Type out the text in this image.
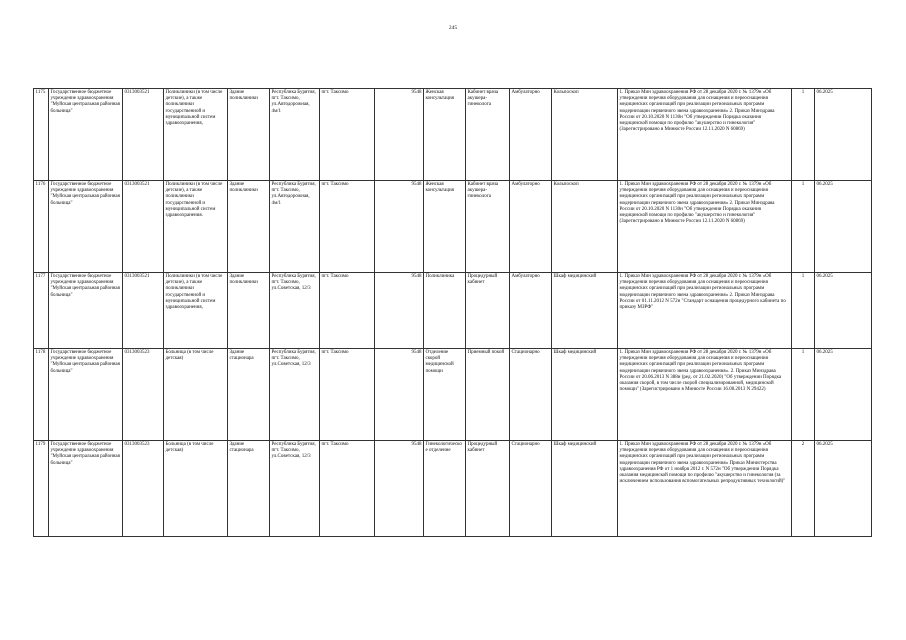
245
1175	Государственное бюджетное учреждение здравоохранения "Муйская центральная районная больница"	0313003521	Поликлиники (в том числе детские), а также поликлиники государственной и муниципальной систем здравоохранения,	Здание поликлиники	Республика Бурятия, пгт. Таксимо, ул.Автодорожная, 4м/1	пгт. Таксимо	9548	Женская консультация	Кабинет врача акушера-гинеколога	Амбулаторно	Кольпоскоп	1. Приказ Мин здравоохранения РФ от 28 декабря 2020 г. № 1379н «Об утверждении перечня оборудования для оснащения и переоснащения медицинских организаций при реализации региональных программ модернизации первичного звена здравоохранения» 2. Приказ Минздрава России от 20.10.2020 N 1130н "Об утверждении Порядка оказания медицинской помощи по профилю "акушерство и гинекология" (Зарегистрировано в Минюсте России 12.11.2020 N 60869)	1	06.2025
1176	Государственное бюджетное учреждение здравоохранения "Муйская центральная районная больница"	0313003521	Поликлиники (в том числе детские), а также поликлиники государственной и муниципальной систем здравоохранения.	Здание поликлиники	Республика Бурятия, пгт. Таксимо, ул.Автодорожная, 4м/1	пгт. Таксимо	9548	Женская консультация	Кабинет врача акушера-гинеколога	Амбулаторно	Кольпоскоп	1. Приказ Мин здравоохранения РФ от 28 декабря 2020 г. № 1379н «Об утверждении перечня оборудования для оснащения и переоснащения медицинских организаций при реализации региональных программ модернизации первичного звена здравоохранения» 2. Приказ Минздрава России от 20.10.2020 N 1130н "Об утверждении Порядка оказания медицинской помощи по профилю "акушерство и гинекология" (Зарегистрировано в Минюсте России 12.11.2020 N 60869)	1	06.2025
1177	Государственное бюджетное учреждение здравоохранения "Муйская центральная районная больница"	0313003521	Поликлиники (в том числе детские), а также поликлиники государственной и муниципальной систем здравоохранения,	Здание поликлиники	Республика Бурятия, пгт. Таксимо, ул.Советская, 12/3	пгт. Таксимо	9548	Поликлиника	Процедурный кабинет	Амбулаторно	Шкаф медицинский	1. Приказ Мин здравоохранения РФ от 28 декабря 2020 г. № 1379н «Об утверждении перечня оборудования для оснащения и переоснащения медицинских организаций при реализации региональных программ модернизации первичного звена здравоохранения» 2. Приказ Минздрава России от 01.11.2012 N 572н "Стандарт оснащения процедурного кабинета по приказу МЗРФ"	1	06.2025
1178	Государственное бюджетное учреждение здравоохранения "Муйская центральная районная больница"	0313003523	Больница (в том числе детская)	Здание стационара	Республика Бурятия, пгт. Таксимо, ул.Советская, 12/3	пгт. Таксимо	9548	Отделение скорой медицинской помощи	Приемный покой	Стационарно	Шкаф медицинский	1. Приказ Мин здравоохранения РФ от 28 декабря 2020 г. № 1379н «Об утверждении перечня оборудования для оснащения и переоснащения медицинских организаций при реализации региональных программ модернизации первичного звена здравоохранения». 2. Приказ Минздрава России от 20.06.2013 N 388н (ред. от 21.02.2020) "Об утверждении Порядка оказания скорой, в том числе скорой специализированной, медицинской помощи" (Зарегистрировано в Минюсте России 16.08.2013 N 29422)	1	06.2025
1179	Государственное бюджетное учреждение здравоохранения "Муйская центральная районная больница"	0313003523	Больница (в том числе детская)	Здание стационара	Республика Бурятия, пгт. Таксимо, ул.Советская, 12/3	пгт. Таксимо	9548	Гинекологическое отделение	Процедурный кабинет	Стационарно	Шкаф медицинский	1. Приказ Мин здравоохранения РФ от 28 декабря 2020 г. № 1379н «Об утверждении перечня оборудования для оснащения и переоснащения медицинских организаций при реализации региональных программ модернизации первичного звена здравоохранения» Приказ Министерства здравоохранения РФ от 1 ноября 2012 г. N 572н "Об утверждении Порядка оказания медицинской помощи по профилю "акушерство и гинекология (за исключением использования вспомогательных репродуктивных технологий)"	2	06.2025
